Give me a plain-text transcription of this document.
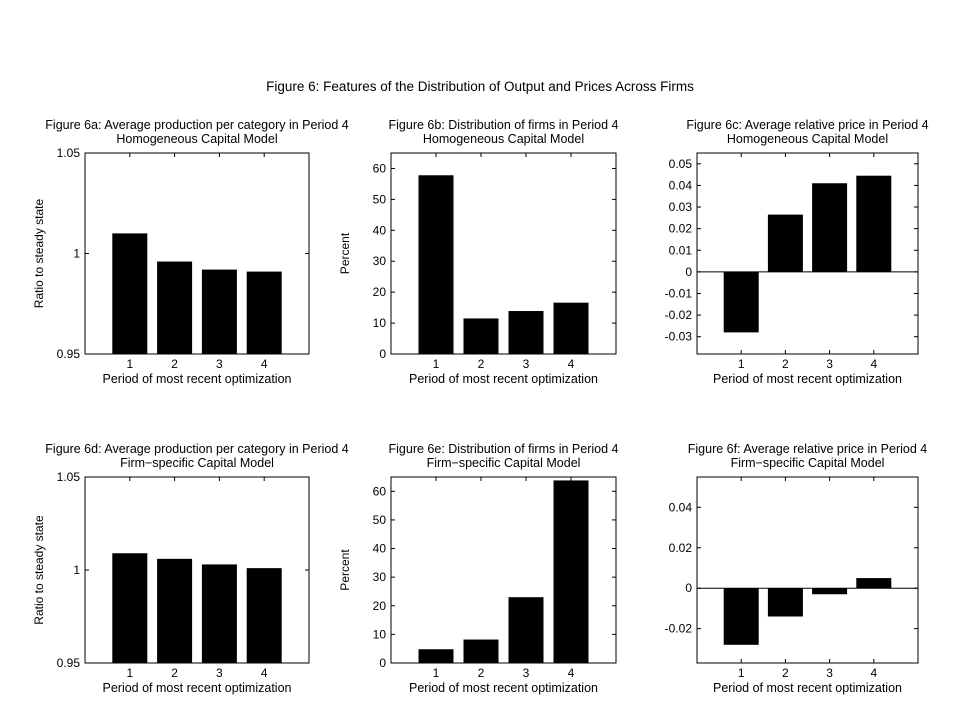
Figure 6: Features of the Distribution of Output and Prices Across Firms
Figure 6a: Average production per category in Period 4
Homogeneous Capital Model
0.95
1
1.05
1	2	3	4
Period of most recent optimization
Ratio to steady state
Figure 6b: Distribution of firms in Period 4
Homogeneous Capital Model
0
10
20
30
40
50
60
1	2	3	4
Period of most recent optimization
Percent
Figure 6c: Average relative price in Period 4
Homogeneous Capital Model
-0.03
-0.02
-0.01
0
0.01
0.02
0.03
0.04
0.05
1	2	3	4
Period of most recent optimization
Figure 6d: Average production per category in Period 4
Firm−specific Capital Model
0.95
1
1.05
1	2	3	4
Period of most recent optimization
Ratio to steady state
Figure 6e: Distribution of firms in Period 4
Firm−specific Capital Model
0
10
20
30
40
50
60
1	2	3	4
Period of most recent optimization
Percent
Figure 6f: Average relative price in Period 4
Firm−specific Capital Model
-0.02
0
0.02
0.04
1	2	3	4
Period of most recent optimization
